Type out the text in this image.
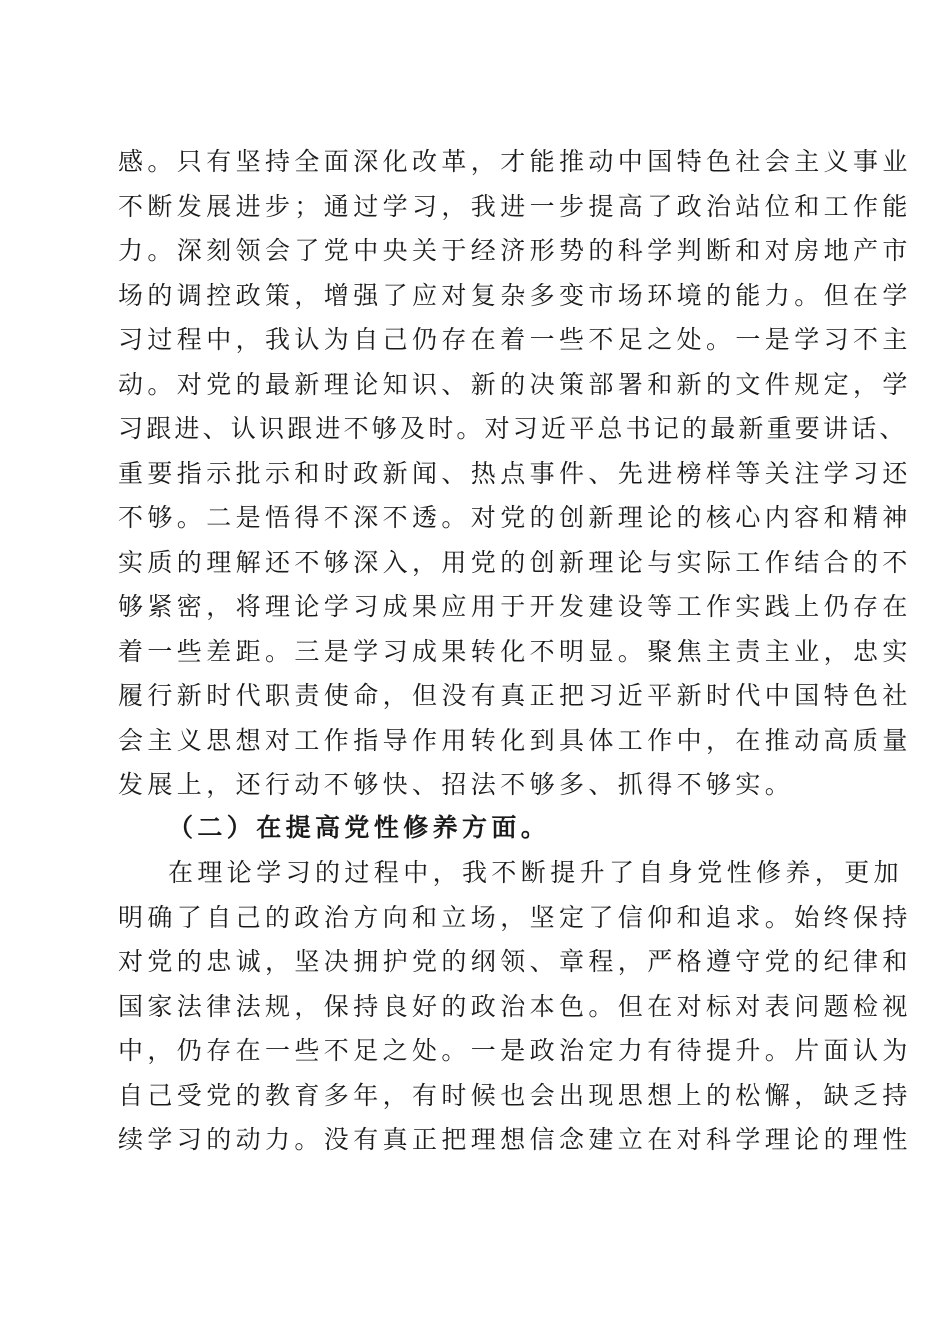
感。只有坚持全面深化改革，才能推动中国特色社会主义事业
不断发展进步；通过学习，我进一步提高了政治站位和工作能
力。深刻领会了党中央关于经济形势的科学判断和对房地产市
场的调控政策，增强了应对复杂多变市场环境的能力。但在学
习过程中，我认为自己仍存在着一些不足之处。一是学习不主
动。对党的最新理论知识、新的决策部署和新的文件规定，学
习跟进、认识跟进不够及时。对习近平总书记的最新重要讲话、
重要指示批示和时政新闻、热点事件、先进榜样等关注学习还
不够。二是悟得不深不透。对党的创新理论的核心内容和精神
实质的理解还不够深入，用党的创新理论与实际工作结合的不
够紧密，将理论学习成果应用于开发建设等工作实践上仍存在
着一些差距。三是学习成果转化不明显。聚焦主责主业，忠实
履行新时代职责使命，但没有真正把习近平新时代中国特色社
会主义思想对工作指导作用转化到具体工作中，在推动高质量
发展上，还行动不够快、招法不够多、抓得不够实。
（二）在提高党性修养方面。
在理论学习的过程中，我不断提升了自身党性修养，更加
明确了自己的政治方向和立场，坚定了信仰和追求。始终保持
对党的忠诚，坚决拥护党的纲领、章程，严格遵守党的纪律和
国家法律法规，保持良好的政治本色。但在对标对表问题检视
中，仍存在一些不足之处。一是政治定力有待提升。片面认为
自己受党的教育多年，有时候也会出现思想上的松懈，缺乏持
续学习的动力。没有真正把理想信念建立在对科学理论的理性
